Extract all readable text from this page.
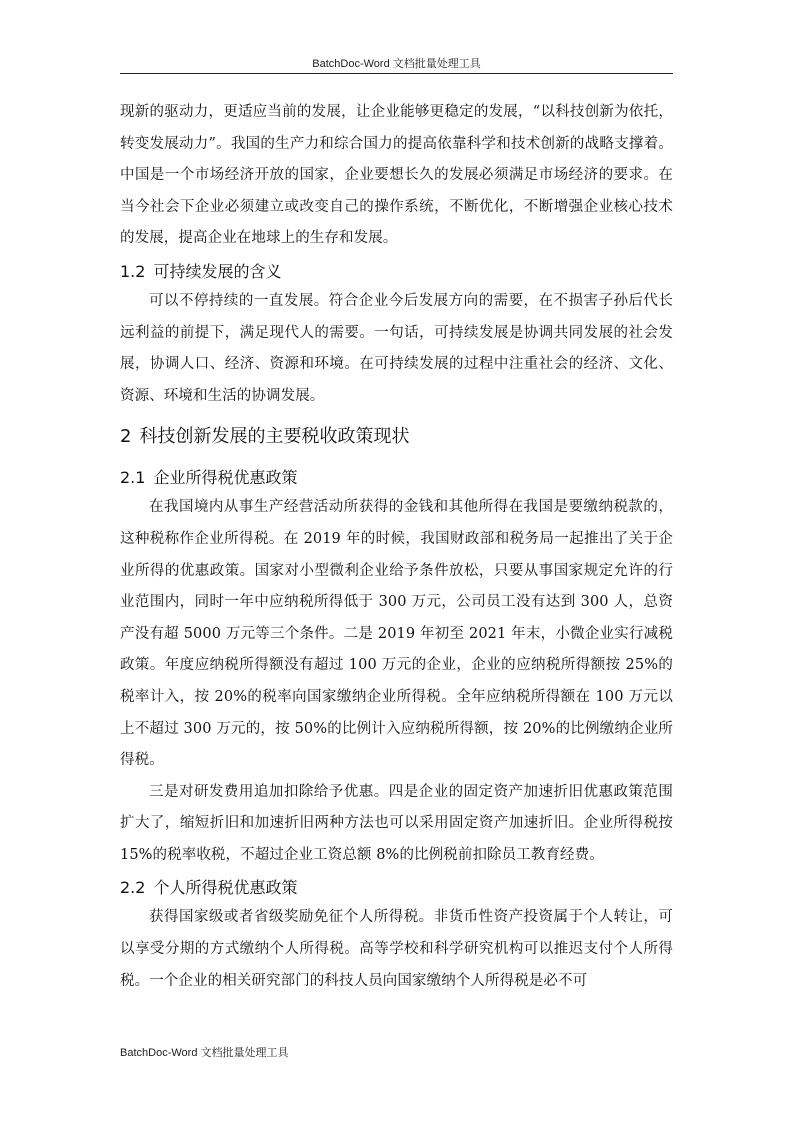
BatchDoc-Word 文档批量处理工具

现新的驱动力，更适应当前的发展，让企业能够更稳定的发展，“以科技创新为依托，转变发展动力”。我国的生产力和综合国力的提高依靠科学和技术创新的战略支撑着。中国是一个市场经济开放的国家，企业要想长久的发展必须满足市场经济的要求。在当今社会下企业必须建立或改变自己的操作系统，不断优化，不断增强企业核心技术的发展，提高企业在地球上的生存和发展。

1.2 可持续发展的含义

可以不停持续的一直发展。符合企业今后发展方向的需要，在不损害子孙后代长远利益的前提下，满足现代人的需要。一句话，可持续发展是协调共同发展的社会发展，协调人口、经济、资源和环境。在可持续发展的过程中注重社会的经济、文化、资源、环境和生活的协调发展。

2 科技创新发展的主要税收政策现状
2.1 企业所得税优惠政策

在我国境内从事生产经营活动所获得的金钱和其他所得在我国是要缴纳税款的，这种税称作企业所得税。在 2019 年的时候，我国财政部和税务局一起推出了关于企业所得的优惠政策。国家对小型微利企业给予条件放松，只要从事国家规定允许的行业范围内，同时一年中应纳税所得低于 300 万元，公司员工没有达到 300 人，总资产没有超 5000 万元等三个条件。二是 2019 年初至 2021 年末，小微企业实行减税政策。年度应纳税所得额没有超过 100 万元的企业，企业的应纳税所得额按 25%的税率计入，按 20%的税率向国家缴纳企业所得税。全年应纳税所得额在 100 万元以上不超过 300 万元的，按 50%的比例计入应纳税所得额，按 20%的比例缴纳企业所得税。

三是对研发费用追加扣除给予优惠。四是企业的固定资产加速折旧优惠政策范围扩大了，缩短折旧和加速折旧两种方法也可以采用固定资产加速折旧。企业所得税按 15%的税率收税，不超过企业工资总额 8%的比例税前扣除员工教育经费。

2.2 个人所得税优惠政策

获得国家级或者省级奖励免征个人所得税。非货币性资产投资属于个人转让，可以享受分期的方式缴纳个人所得税。高等学校和科学研究机构可以推迟支付个人所得税。一个企业的相关研究部门的科技人员向国家缴纳个人所得税是必不可

BatchDoc-Word 文档批量处理工具
